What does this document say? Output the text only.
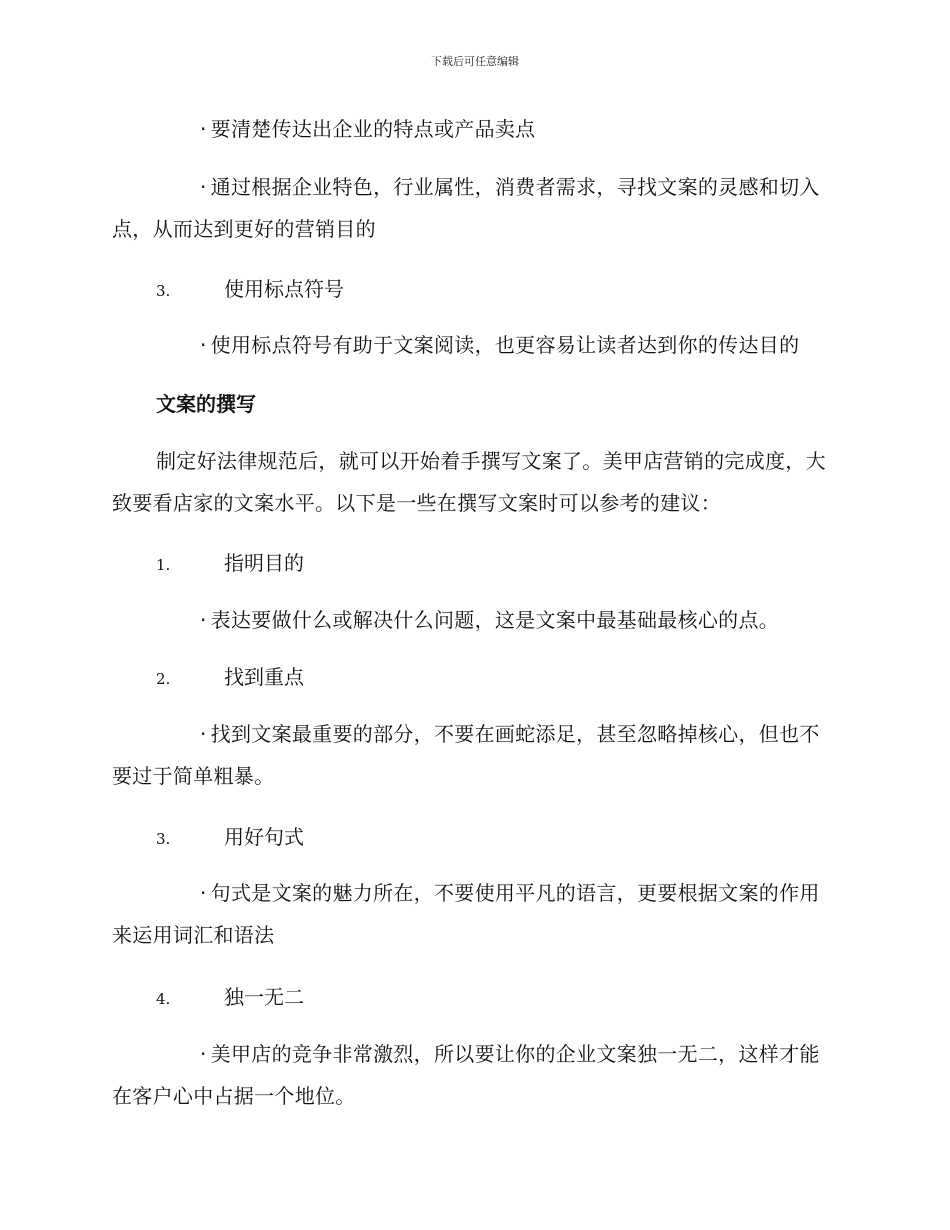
下载后可任意编辑
· 要清楚传达出企业的特点或产品卖点
· 通过根据企业特色，行业属性，消费者需求，寻找文案的灵感和切入点，从而达到更好的营销目的
3.	使用标点符号
· 使用标点符号有助于文案阅读，也更容易让读者达到你的传达目的
文案的撰写
制定好法律规范后，就可以开始着手撰写文案了。美甲店营销的完成度，大致要看店家的文案水平。以下是一些在撰写文案时可以参考的建议：
1.	指明目的
· 表达要做什么或解决什么问题，这是文案中最基础最核心的点。
2.	找到重点
· 找到文案最重要的部分，不要在画蛇添足，甚至忽略掉核心，但也不要过于简单粗暴。
3.	用好句式
· 句式是文案的魅力所在，不要使用平凡的语言，更要根据文案的作用来运用词汇和语法
4.	独一无二
· 美甲店的竞争非常激烈，所以要让你的企业文案独一无二，这样才能在客户心中占据一个地位。
